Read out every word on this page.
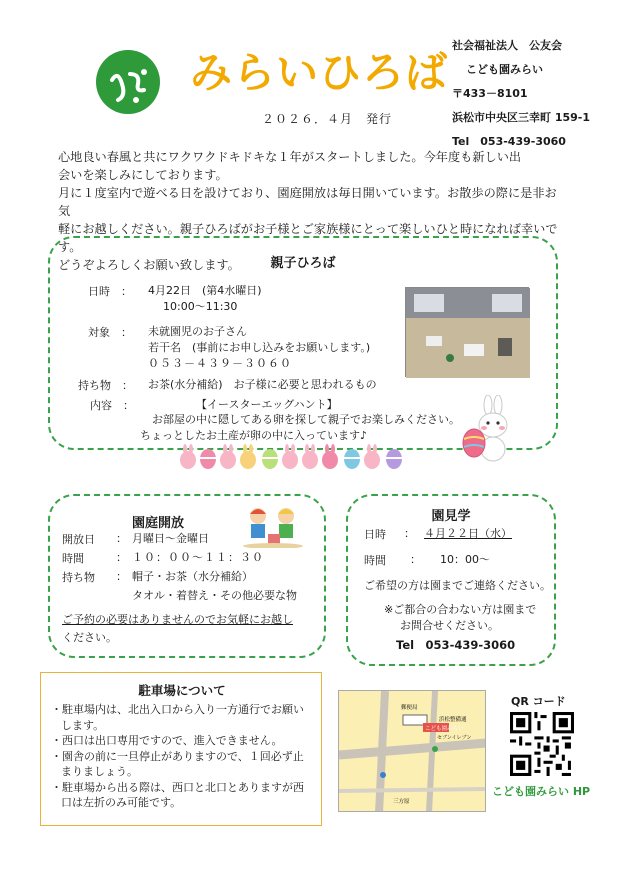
みらいひろば
２０２６．４月　発行
社会福祉法人　公友会
こども園みらい
〒433－8101
浜松市中央区三幸町 159-1
Tel　053-439-3060

心地良い春風と共にワクワクドキドキな１年がスタートしました。今年度も新しい出

会いを楽しみにしております。

月に１度室内で遊べる日を設けており、園庭開放は毎日開いています。お散歩の際に是非お気

軽にお越しください。親子ひろばがお子様とご家族様にとって楽しいひと時になれば幸いです。

どうぞよろしくお願い致します。	親子ひろば
日時　： 4月22日　(第4水曜日)
10:00～11:30
対象　： 未就園児のお子さん
若干名　(事前にお申し込みをお願いします。)
０５３－４３９－３０６０
持ち物　： お茶(水分補給)　お子様に必要と思われるもの
内容　：	【イースターエッグハント】
お部屋の中に隠してある卵を探して親子でお楽しみください。
ちょっとしたお土産が卵の中に入っています♪
園庭開放
開放日 ： 月曜日～金曜日
時間	： １０：００～１１：３０
持ち物 ： 帽子・お茶（水分補給）
タオル・着替え・その他必要な物
ご予約の必要はありませんのでお気軽にお越し
ください。
園見学
日時 ： ４月２２日（水）
時間 ： 10：00～
ご希望の方は園までご連絡ください。
※ご都合の合わない方は園まで
お問合せください。
Tel　053-439-3060
駐車場について
・駐車場内は、北出入口から入り一方通行でお願いします。
・西口は出口専用ですので、進入できません。
・園舎の前に一旦停止がありますので、１回必ず止まりましょう。
・駐車場から出る際は、西口と北口とありますが西口は左折のみ可能です。
郵便局
浜松整備通
こども園みらい
セブンイレブン
三方原
QR コード
こども園みらい HP
